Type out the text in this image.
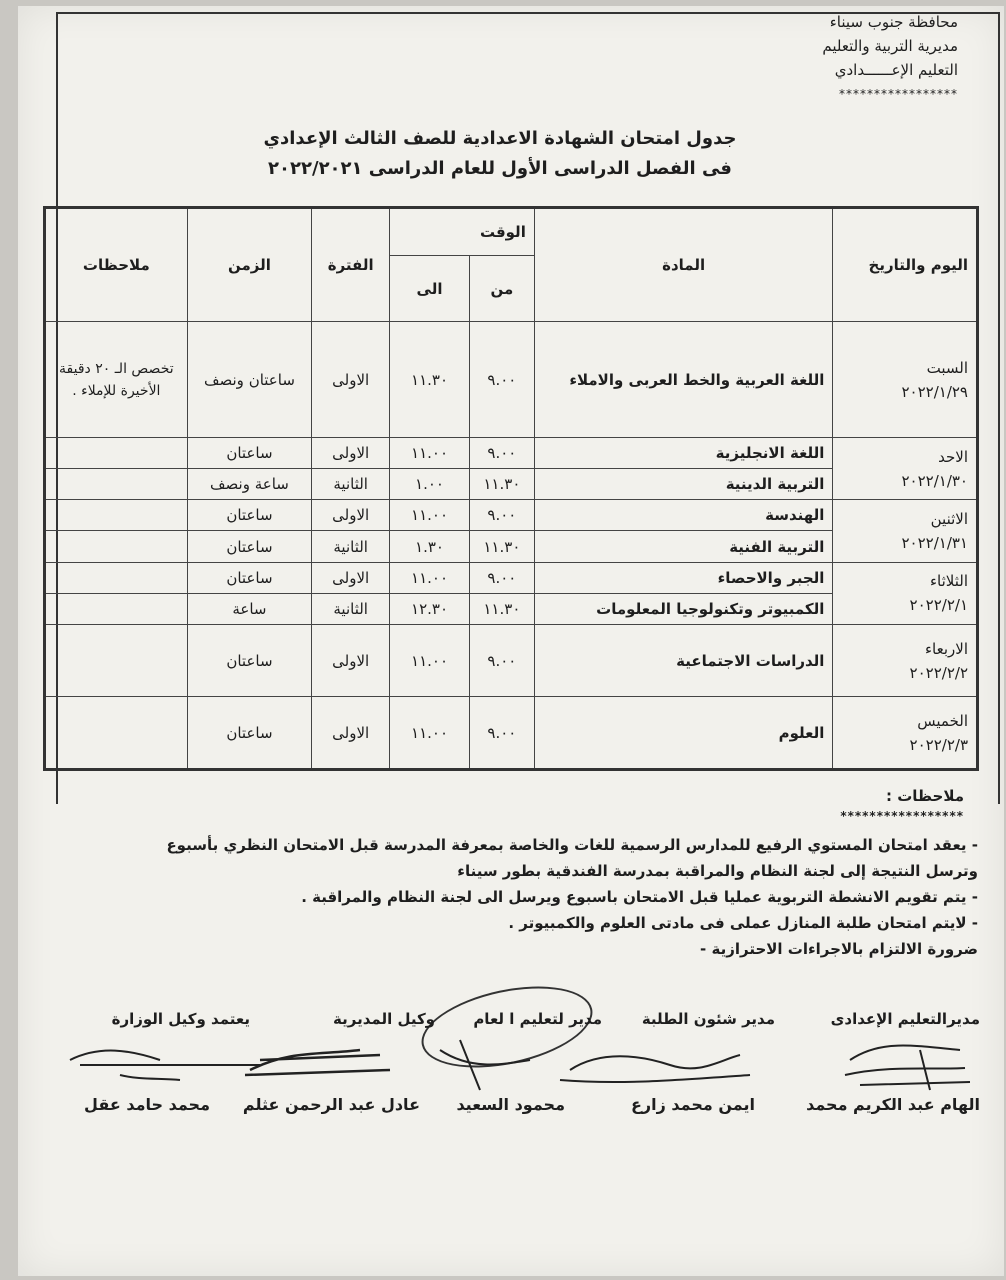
محافظة جنوب سيناء
مديرية التربية والتعليم
التعليم الإعــــــدادي
*****************
جدول امتحان الشهادة الاعدادية للصف الثالث الإعدادي
فى الفصل الدراسى الأول للعام الدراسى ٢٠٢٢/٢٠٢١
اليوم والتاريخ	المادة	الوقت		الفترة	الزمن	ملاحظات
		من	الى			

السبت
٢٠٢٢/١/٢٩	اللغة العربية والخط العربى والاملاء	٩.٠٠	١١.٣٠	الاولى	ساعتان ونصف	تخصص الـ ٢٠ دقيقة الأخيرة للإملاء .

الاحد
٢٠٢٢/١/٣٠	اللغة الانجليزية	٩.٠٠	١١.٠٠	الاولى	ساعتان	
	التربية الدينية	١١.٣٠	١.٠٠	الثانية	ساعة ونصف	

الاثنين
٢٠٢٢/١/٣١	الهندسة	٩.٠٠	١١.٠٠	الاولى	ساعتان	
	التربية الفنية	١١.٣٠	١.٣٠	الثانية	ساعتان	

الثلاثاء
٢٠٢٢/٢/١	الجبر والاحصاء	٩.٠٠	١١.٠٠	الاولى	ساعتان	
	الكمبيوتر وتكنولوجيا المعلومات	١١.٣٠	١٢.٣٠	الثانية	ساعة	

الاربعاء
٢٠٢٢/٢/٢	الدراسات الاجتماعية	٩.٠٠	١١.٠٠	الاولى	ساعتان	

الخميس
٢٠٢٢/٢/٣	العلوم	٩.٠٠	١١.٠٠	الاولى	ساعتان	
ملاحظات :
*****************
- يعقد امتحان المستوي الرفيع للمدارس الرسمية للغات والخاصة بمعرفة المدرسة قبل الامتحان النظري بأسبوع
وترسل النتيجة إلى لجنة النظام والمراقبة بمدرسة الفندقية بطور سيناء
- يتم تقويم الانشطة التربوية عمليا قبل الامتحان باسبوع ويرسل الى لجنة النظام والمراقبة .
- لايتم امتحان طلبة المنازل عملى فى مادتى العلوم والكمبيوتر .
ضرورة الالتزام بالاجراءات الاحترازية -
مديرالتعليم الإعدادى
مدير شئون الطلبة
مدير لتعليم ا لعام
وكيل المديرية
يعتمد وكيل الوزارة
الهام عبد الكريم محمد
ايمن محمد زارع
محمود السعيد
عادل عبد الرحمن عثلم
محمد حامد عقل
